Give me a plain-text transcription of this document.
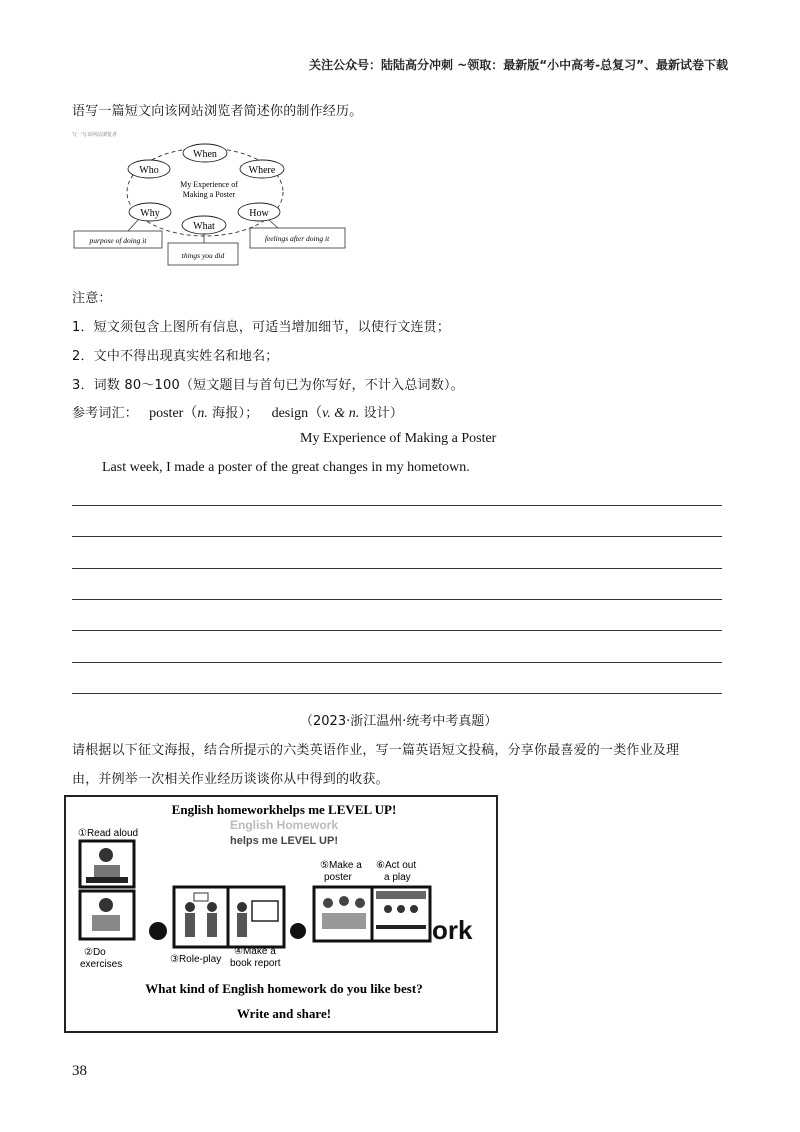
关注公众号：陆陆高分冲刺 ~领取：最新版“小中高考-总复习”、最新试卷下载
语写一篇短文向该网站浏览者简述你的制作经历。
写一写该网站浏览者
My Experience of
Making a Poster
When
Who	Where
Why	How
What
purpose of doing it
things you did
feelings after doing it
注意：
1．短文须包含上图所有信息，可适当增加细节，以使行文连贯；
2．文中不得出现真实姓名和地名；
3．词数 80～100（短文题目与首句已为你写好，不计入总词数）。
参考词汇： poster（n. 海报）； design（v. & n. 设计）
My Experience of Making a Poster
Last week, I made a poster of the great changes in my hometown.
（2023·浙江温州·统考中考真题）
请根据以下征文海报，结合所提示的六类英语作业，写一篇英语短文投稿，分享你最喜爱的一类作业及理
由，并例举一次相关作业经历谈谈你从中得到的收获。
English homeworkhelps me LEVEL UP!
English Homework
helps me LEVEL UP!
①Read aloud
②Do
exercises
o
③Role-play
④Make a
book report
e
⑤Make a
poster
⑥Act out
a play
ork
What kind of English homework do you like best?
Write and share!
38
